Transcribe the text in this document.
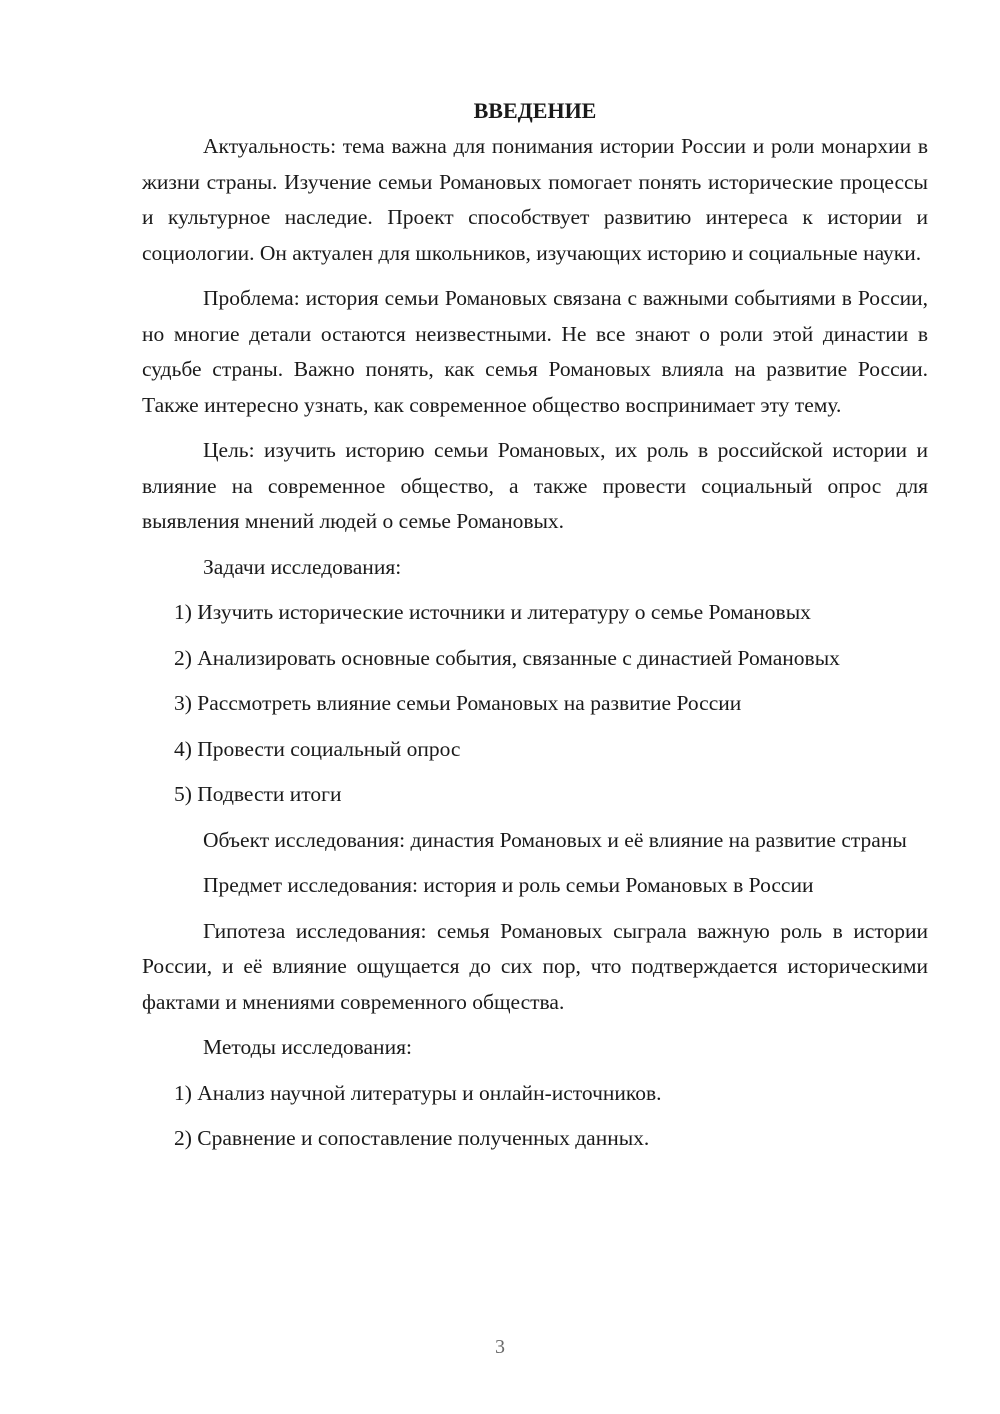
ВВЕДЕНИЕ

Актуальность: тема важна для понимания истории России и роли монархии в жизни страны. Изучение семьи Романовых помогает понять исторические процессы и культурное наследие. Проект способствует развитию интереса к истории и социологии. Он актуален для школьников, изучающих историю и социальные науки.

Проблема: история семьи Романовых связана с важными событиями в России, но многие детали остаются неизвестными. Не все знают о роли этой династии в судьбе страны. Важно понять, как семья Романовых влияла на развитие России. Также интересно узнать, как современное общество воспринимает эту тему.

Цель: изучить историю семьи Романовых, их роль в российской истории и влияние на современное общество, а также провести социальный опрос для выявления мнений людей о семье Романовых.

Задачи исследования:

1) Изучить исторические источники и литературу о семье Романовых

2) Анализировать основные события, связанные с династией Романовых

3) Рассмотреть влияние семьи Романовых на развитие России

4) Провести социальный опрос

5) Подвести итоги

Объект исследования: династия Романовых и её влияние на развитие страны

Предмет исследования: история и роль семьи Романовых в России

Гипотеза исследования: семья Романовых сыграла важную роль в истории России, и её влияние ощущается до сих пор, что подтверждается историческими фактами и мнениями современного общества.

Методы исследования:

1) Анализ научной литературы и онлайн-источников.

2) Сравнение и сопоставление полученных данных.

3
